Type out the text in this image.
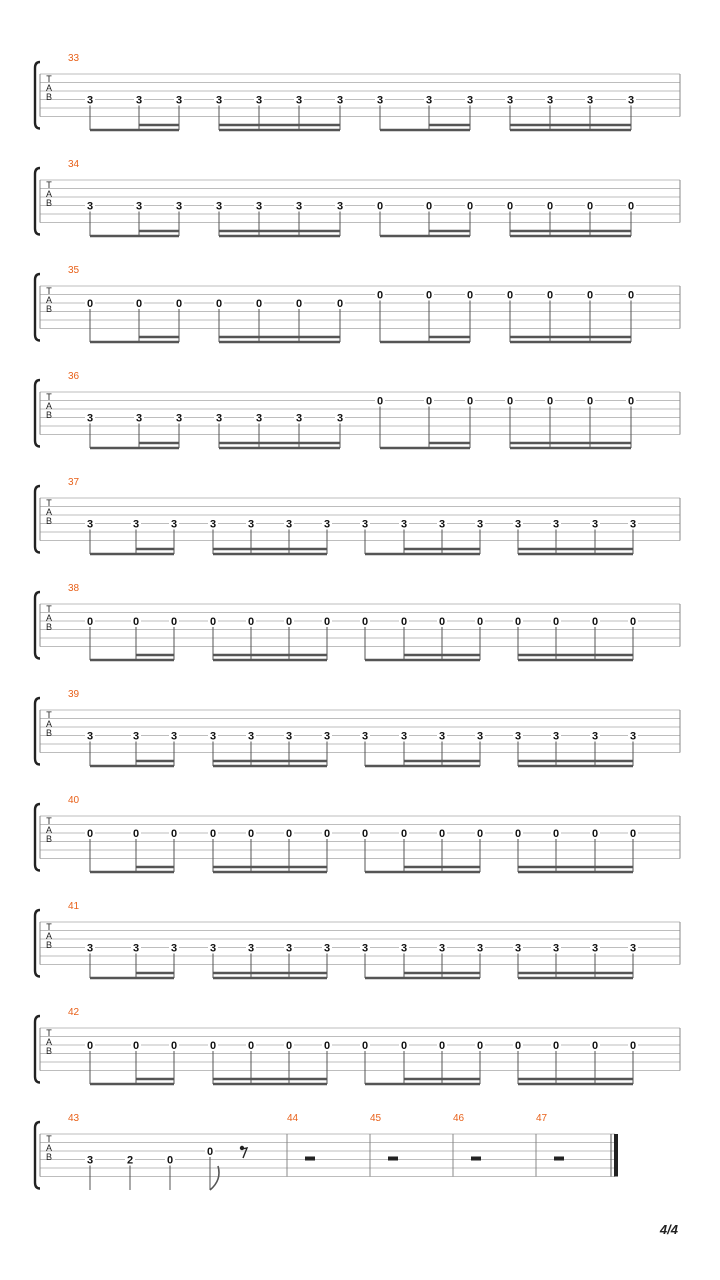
T
A
B
33
3	3	3	3	3	3	3	3	3	3	3	3	3	3
T
A
B
34
3	3	3	3	3	3	3	0	0	0	0	0	0	0
T
A
B
35
0	0	0	0	0	0	0
0	0	0	0	0	0	0
T
A
B
36
3	3	3	3	3	3	3
0	0	0	0	0	0	0
T
A
B
37
3	3	3	3	3	3	3	3	3	3	3	3	3	3	3
T
A
B
38
0	0	0	0	0	0	0	0	0	0	0	0	0	0	0
T
A
B
39
3	3	3	3	3	3	3	3	3	3	3	3	3	3	3
T
A
B
40
0	0	0	0	0	0	0	0	0	0	0	0	0	0	0
T
A
B
41
3	3	3	3	3	3	3	3	3	3	3	3	3	3	3
T
A
B
42
0	0	0	0	0	0	0	0	0	0	0	0	0	0	0
T
A
B
43	44	45	46	47
3	2	0
0
4/4
